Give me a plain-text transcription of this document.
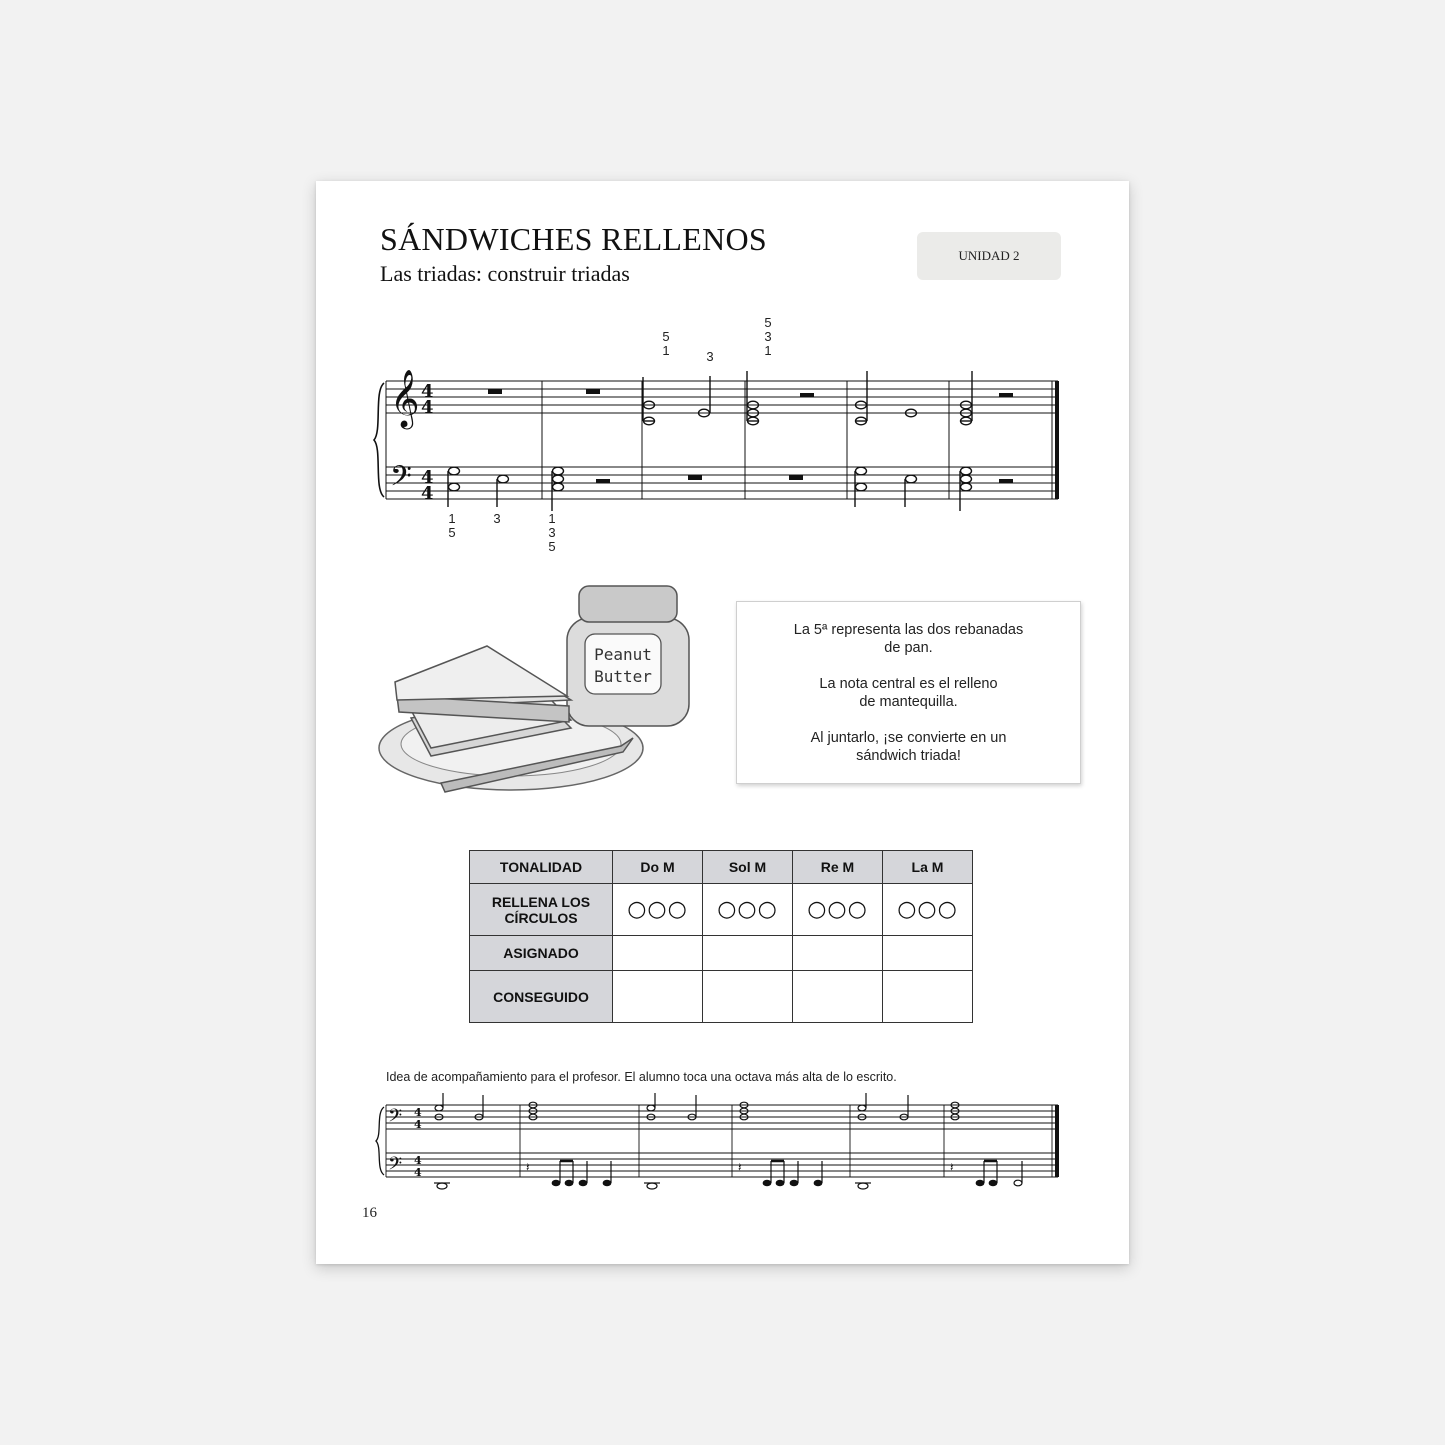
SÁNDWICHES RELLENOS
Las triadas: construir triadas
UNIDAD 2
𝄞
𝄢
4
4
4
4
5
1	3
5
3
1
1
5
3	1
3
5
Peanut
Butter

La 5ª representa las dos rebanadas
de pan.

La nota central es el relleno
de mantequilla.

Al juntarlo, ¡se convierte en un
sándwich triada!

TONALIDAD	Do M	Sol M	Re M	La M
RELLENA LOS CÍRCULOS	○○○	○○○	○○○	○○○
ASIGNADO				
CONSEGUIDO				
Idea de acompañamiento para el profesor. El alumno toca una octava más alta de lo escrito.
𝄢
𝄢
4
4
4
4	𝄽	𝄽	𝄽
16
